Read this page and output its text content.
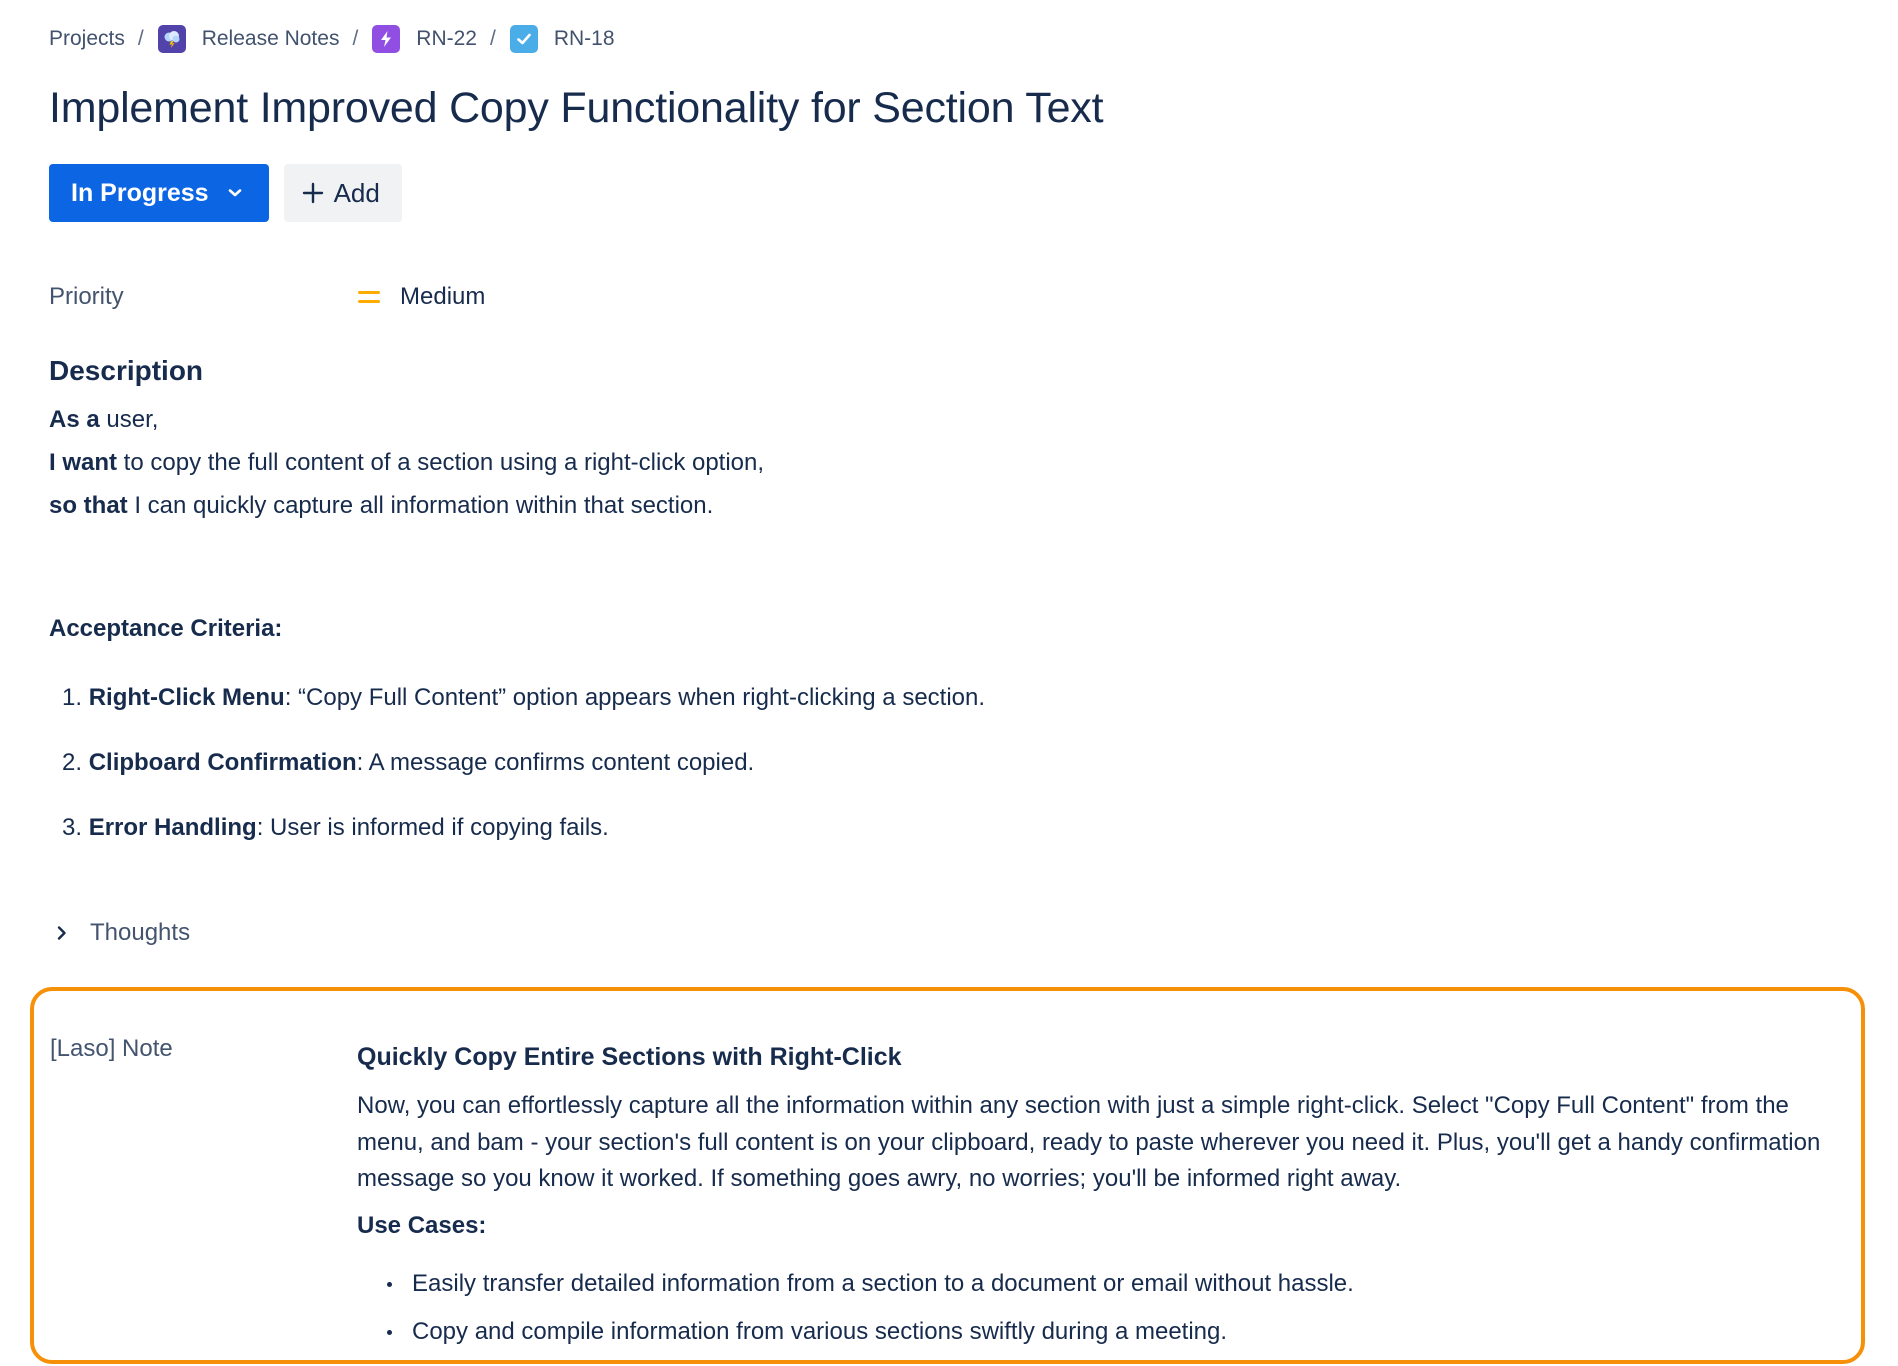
Projects /	Release Notes /	RN-22 /	RN-18
Implement Improved Copy Functionality for Section Text
In Progress	Add
Priority	Medium
Description
As a user,
I want to copy the full content of a section using a right-click option,
so that I can quickly capture all information within that section.
Acceptance Criteria:
1. Right-Click Menu: “Copy Full Content” option appears when right-clicking a section.
2. Clipboard Confirmation: A message confirms content copied.
3. Error Handling: User is informed if copying fails.
Thoughts
[Laso] Note	Quickly Copy Entire Sections with Right-Click

Now, you can effortlessly capture all the information within any section with just a simple right-click. Select "Copy Full Content" from the menu, and bam - your section's full content is on your clipboard, ready to paste wherever you need it. Plus, you'll get a handy confirmation message so you know it worked. If something goes awry, no worries; you'll be informed right away.

Use Cases:
Easily transfer detailed information from a section to a document or email without hassle.
Copy and compile information from various sections swiftly during a meeting.
